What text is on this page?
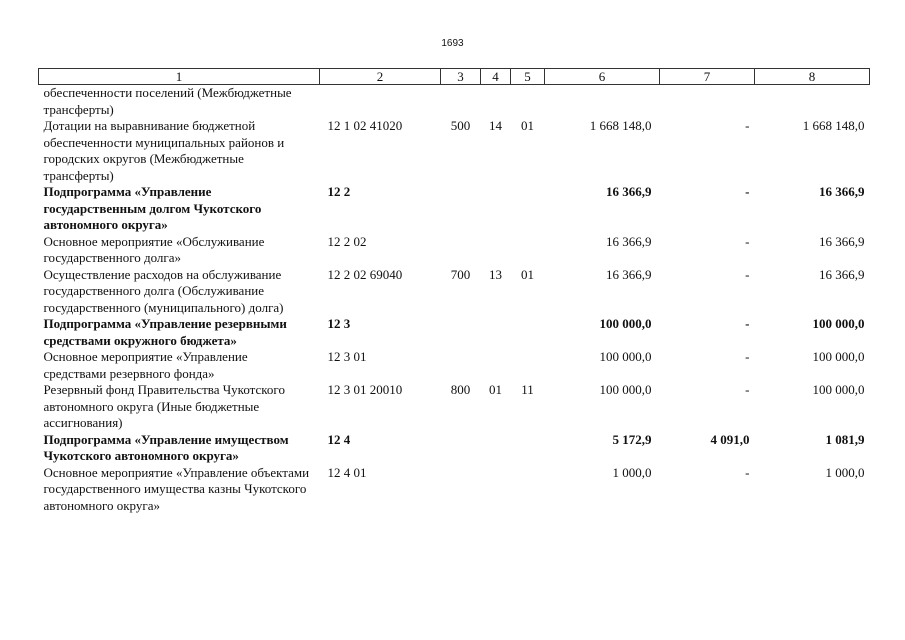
1693
1	2	3	4	5	6	7	8
обеспеченности поселений (Межбюджетные трансферты)							
Дотации на выравнивание бюджетной обеспеченности муниципальных районов и городских округов (Межбюджетные трансферты)	12 1 02 41020	500	14	01	1 668 148,0	-	1 668 148,0
Подпрограмма «Управление государственным долгом Чукотского автономного округа»	12 2				16 366,9	-	16 366,9
Основное мероприятие «Обслуживание государственного долга»	12 2 02				16 366,9	-	16 366,9
Осуществление расходов на обслуживание государственного долга (Обслуживание государственного (муниципального) долга)	12 2 02 69040	700	13	01	16 366,9	-	16 366,9
Подпрограмма «Управление резервными средствами окружного бюджета»	12 3				100 000,0	-	100 000,0
Основное мероприятие «Управление средствами резервного фонда»	12 3 01				100 000,0	-	100 000,0
Резервный фонд Правительства Чукотского автономного округа (Иные бюджетные ассигнования)	12 3 01 20010	800	01	11	100 000,0	-	100 000,0
Подпрограмма «Управление имуществом Чукотского автономного округа»	12 4				5 172,9	4 091,0	1 081,9
Основное мероприятие «Управление объектами государственного имущества казны Чукотского автономного округа»	12 4 01				1 000,0	-	1 000,0
